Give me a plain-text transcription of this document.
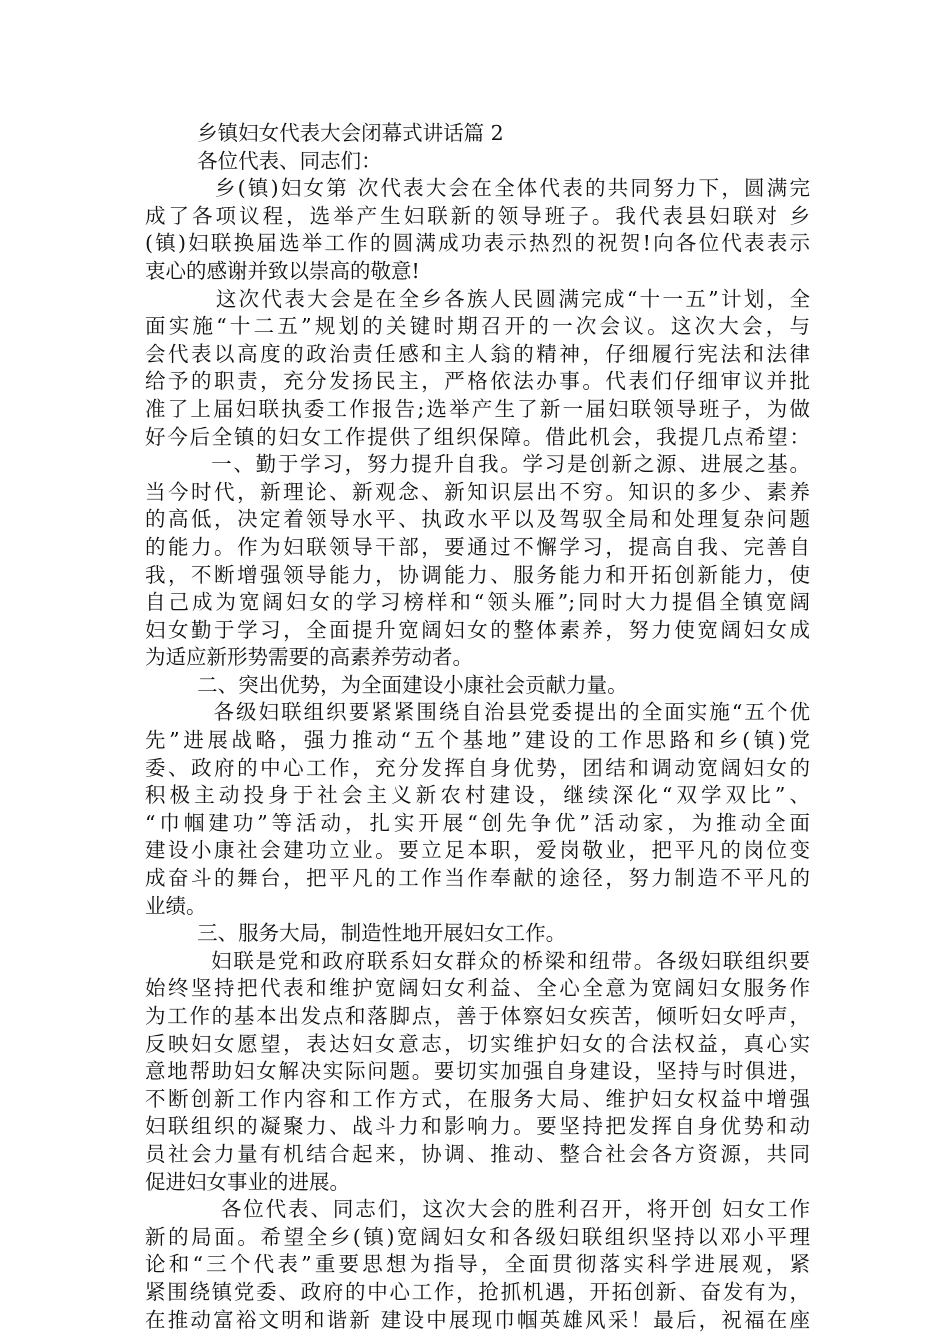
乡镇妇女代表大会闭幕式讲话篇 2
各位代表、同志们：
乡(镇)妇女第 次代表大会在全体代表的共同努力下，圆满完
成了各项议程，选举产生妇联新的领导班子。我代表县妇联对 乡
(镇)妇联换届选举工作的圆满成功表示热烈的祝贺!向各位代表表示
衷心的感谢并致以崇高的敬意!
这次代表大会是在全乡各族人民圆满完成“十一五”计划，全
面实施“十二五”规划的关键时期召开的一次会议。这次大会，与
会代表以高度的政治责任感和主人翁的精神，仔细履行宪法和法律
给予的职责，充分发扬民主，严格依法办事。代表们仔细审议并批
准了上届妇联执委工作报告;选举产生了新一届妇联领导班子，为做
好今后全镇的妇女工作提供了组织保障。借此机会，我提几点希望：
一、勤于学习，努力提升自我。学习是创新之源、进展之基。
当今时代，新理论、新观念、新知识层出不穷。知识的多少、素养
的高低，决定着领导水平、执政水平以及驾驭全局和处理复杂问题
的能力。作为妇联领导干部，要通过不懈学习，提高自我、完善自
我，不断增强领导能力，协调能力、服务能力和开拓创新能力，使
自己成为宽阔妇女的学习榜样和“领头雁”;同时大力提倡全镇宽阔
妇女勤于学习，全面提升宽阔妇女的整体素养，努力使宽阔妇女成
为适应新形势需要的高素养劳动者。
二、突出优势，为全面建设小康社会贡献力量。
各级妇联组织要紧紧围绕自治县党委提出的全面实施“五个优
先”进展战略，强力推动“五个基地”建设的工作思路和乡(镇)党
委、政府的中心工作，充分发挥自身优势，团结和调动宽阔妇女的
积极主动投身于社会主义新农村建设，继续深化“双学双比”、
“巾帼建功”等活动，扎实开展“创先争优”活动家，为推动全面
建设小康社会建功立业。要立足本职，爱岗敬业，把平凡的岗位变
成奋斗的舞台，把平凡的工作当作奉献的途径，努力制造不平凡的
业绩。
三、服务大局，制造性地开展妇女工作。
妇联是党和政府联系妇女群众的桥梁和纽带。各级妇联组织要
始终坚持把代表和维护宽阔妇女利益、全心全意为宽阔妇女服务作
为工作的基本出发点和落脚点，善于体察妇女疾苦，倾听妇女呼声，
反映妇女愿望，表达妇女意志，切实维护妇女的合法权益，真心实
意地帮助妇女解决实际问题。要切实加强自身建设，坚持与时俱进，
不断创新工作内容和工作方式，在服务大局、维护妇女权益中增强
妇联组织的凝聚力、战斗力和影响力。要坚持把发挥自身优势和动
员社会力量有机结合起来，协调、推动、整合社会各方资源，共同
促进妇女事业的进展。
各位代表、同志们，这次大会的胜利召开，将开创 妇女工作
新的局面。希望全乡(镇)宽阔妇女和各级妇联组织坚持以邓小平理
论和“三个代表”重要思想为指导，全面贯彻落实科学进展观，紧
紧围绕镇党委、政府的中心工作，抢抓机遇，开拓创新、奋发有为，
在推动富裕文明和谐新 建设中展现巾帼英雄风采！最后，祝福在座
